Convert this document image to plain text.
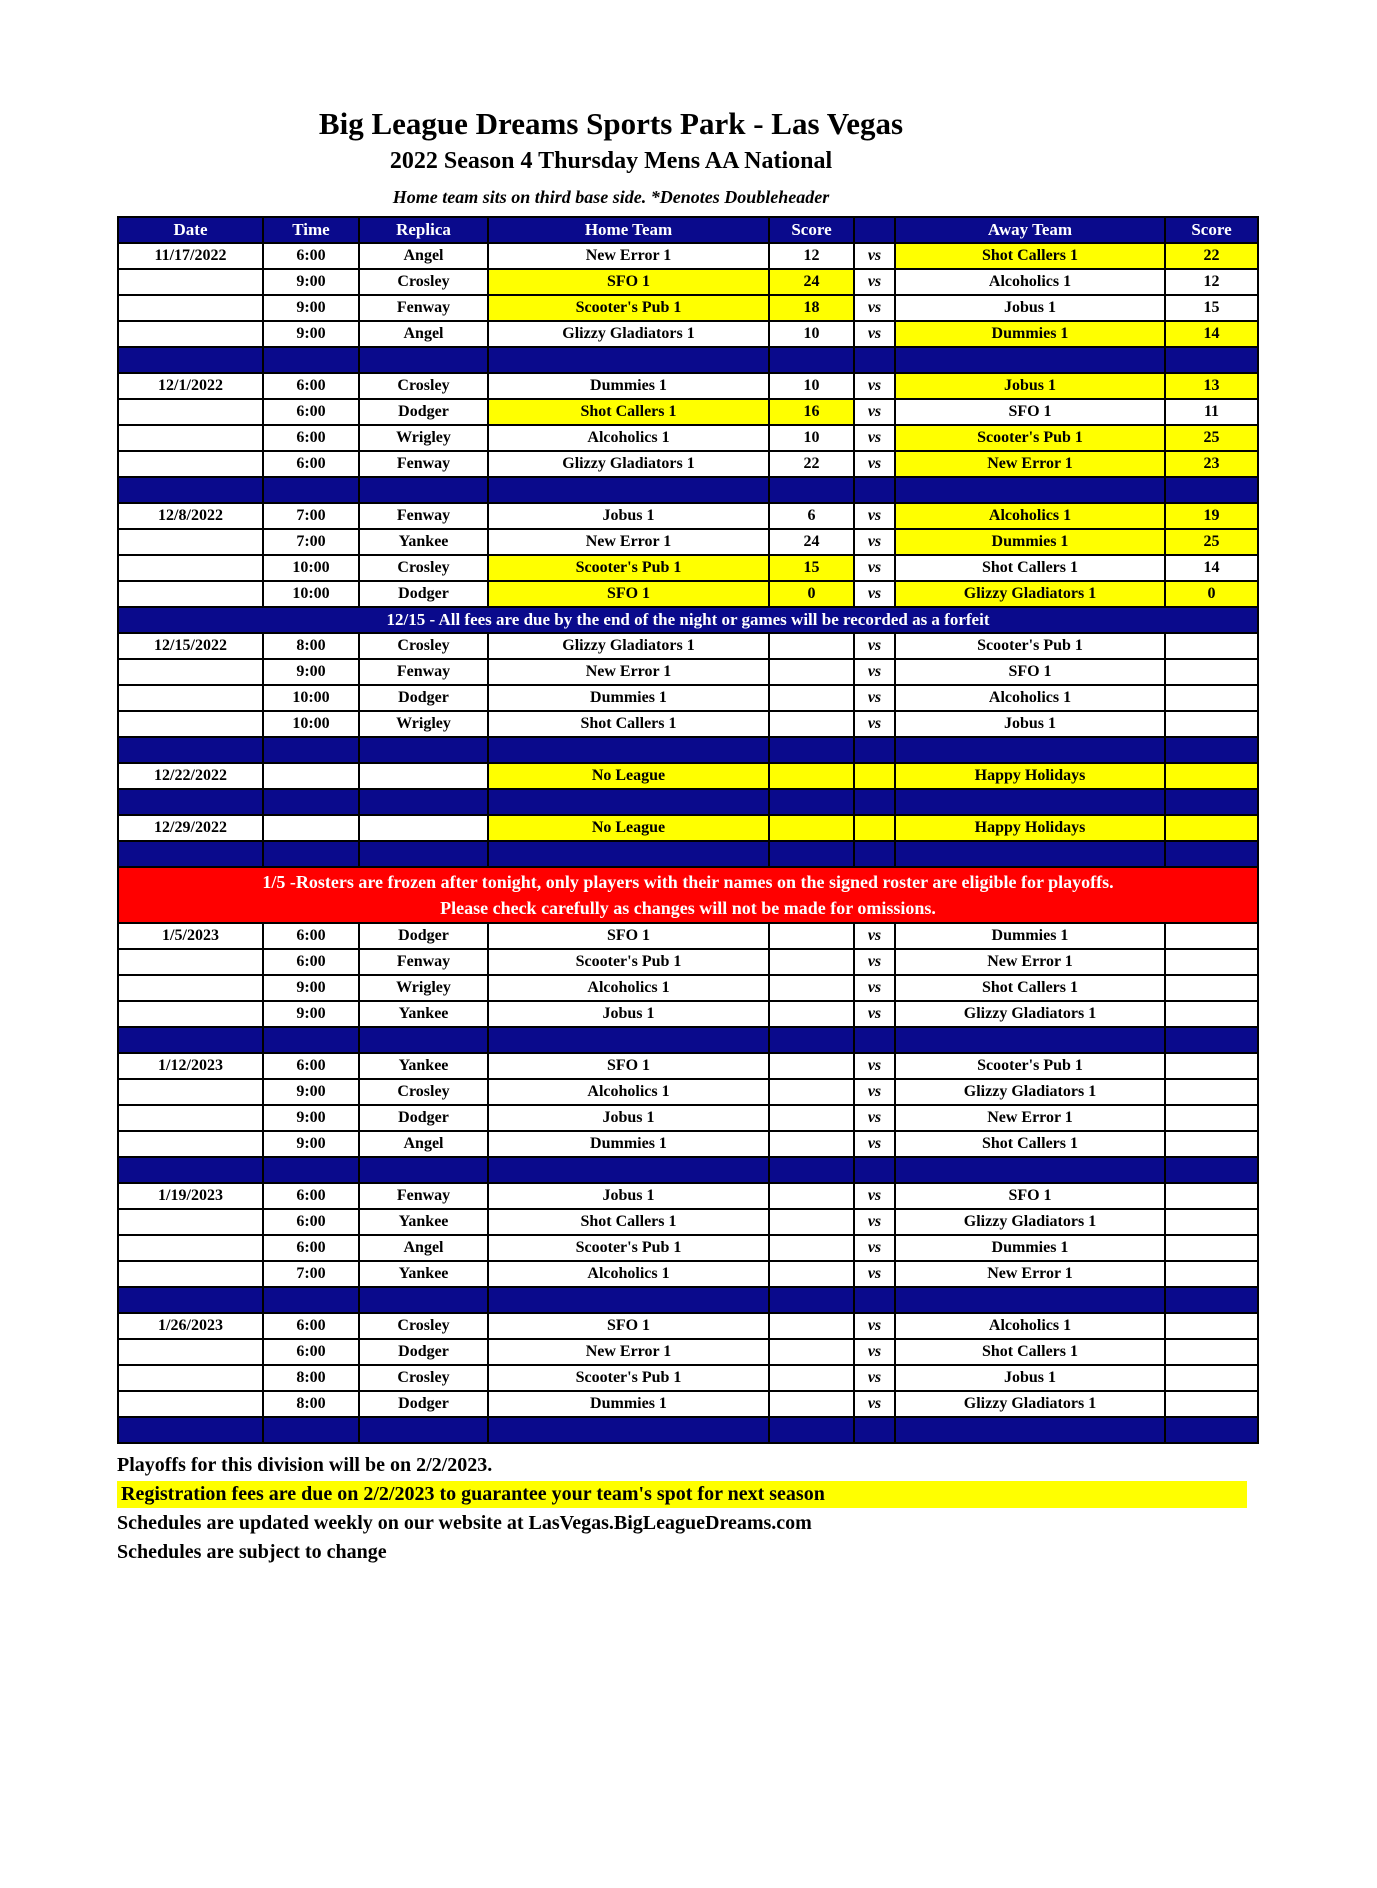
Big League Dreams Sports Park - Las Vegas
2022 Season 4 Thursday Mens AA National
Home team sits on third base side. *Denotes Doubleheader
Date	Time	Replica	Home Team	Score		Away Team	Score
11/17/2022	6:00	Angel	New Error 1	12	vs	Shot Callers 1	22
	9:00	Crosley	SFO 1	24	vs	Alcoholics 1	12
	9:00	Fenway	Scooter's Pub 1	18	vs	Jobus 1	15
	9:00	Angel	Glizzy Gladiators 1	10	vs	Dummies 1	14

12/1/2022	6:00	Crosley	Dummies 1	10	vs	Jobus 1	13
	6:00	Dodger	Shot Callers 1	16	vs	SFO 1	11
	6:00	Wrigley	Alcoholics 1	10	vs	Scooter's Pub 1	25
	6:00	Fenway	Glizzy Gladiators 1	22	vs	New Error 1	23

12/8/2022	7:00	Fenway	Jobus 1	6	vs	Alcoholics 1	19
	7:00	Yankee	New Error 1	24	vs	Dummies 1	25
	10:00	Crosley	Scooter's Pub 1	15	vs	Shot Callers 1	14
	10:00	Dodger	SFO 1	0	vs	Glizzy Gladiators 1	0
12/15 - All fees are due by the end of the night or games will be recorded as a forfeit							
12/15/2022	8:00	Crosley	Glizzy Gladiators 1		vs	Scooter's Pub 1	
	9:00	Fenway	New Error 1		vs	SFO 1	
	10:00	Dodger	Dummies 1		vs	Alcoholics 1	
	10:00	Wrigley	Shot Callers 1		vs	Jobus 1	

12/22/2022			No League			Happy Holidays	

12/29/2022			No League			Happy Holidays	

1/5 -Rosters are frozen after tonight, only players with their names on the signed roster are eligible for playoffs.
Please check carefully as changes will not be made for omissions.							

1/5/2023	6:00	Dodger	SFO 1		vs	Dummies 1	
	6:00	Fenway	Scooter's Pub 1		vs	New Error 1	
	9:00	Wrigley	Alcoholics 1		vs	Shot Callers 1	
	9:00	Yankee	Jobus 1		vs	Glizzy Gladiators 1	

1/12/2023	6:00	Yankee	SFO 1		vs	Scooter's Pub 1	
	9:00	Crosley	Alcoholics 1		vs	Glizzy Gladiators 1	
	9:00	Dodger	Jobus 1		vs	New Error 1	
	9:00	Angel	Dummies 1		vs	Shot Callers 1	

1/19/2023	6:00	Fenway	Jobus 1		vs	SFO 1	
	6:00	Yankee	Shot Callers 1		vs	Glizzy Gladiators 1	
	6:00	Angel	Scooter's Pub 1		vs	Dummies 1	
	7:00	Yankee	Alcoholics 1		vs	New Error 1	

1/26/2023	6:00	Crosley	SFO 1		vs	Alcoholics 1	
	6:00	Dodger	New Error 1		vs	Shot Callers 1	
	8:00	Crosley	Scooter's Pub 1		vs	Jobus 1	
	8:00	Dodger	Dummies 1		vs	Glizzy Gladiators 1	

Playoffs for this division will be on 2/2/2023.
Registration fees are due on 2/2/2023 to guarantee your team's spot for next season
Schedules are updated weekly on our website at LasVegas.BigLeagueDreams.com
Schedules are subject to change
